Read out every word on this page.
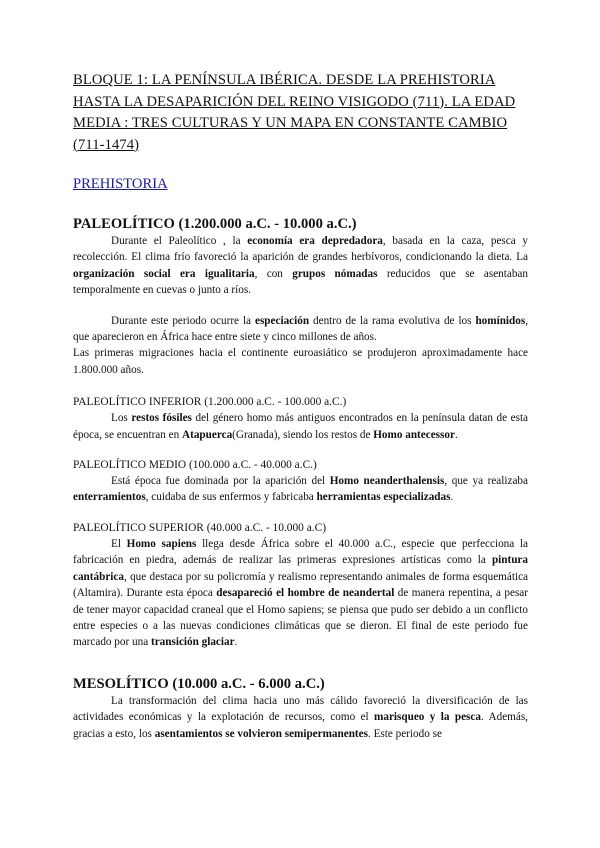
BLOQUE 1: LA PENÍNSULA IBÉRICA. DESDE LA PREHISTORIA HASTA LA DESAPARICIÓN DEL REINO VISIGODO (711). LA EDAD MEDIA : TRES CULTURAS Y UN MAPA EN CONSTANTE CAMBIO (711-1474)
PREHISTORIA
PALEOLÍTICO (1.200.000 a.C. - 10.000 a.C.)

Durante el Paleolítico , la economía era depredadora, basada en la caza, pesca y recolección. El clima frío favoreció la aparición de grandes herbívoros, condicionando la dieta. La organización social era igualitaria, con grupos nómadas reducidos que se asentaban temporalmente en cuevas o junto a ríos.

Durante este periodo ocurre la especiación dentro de la rama evolutiva de los homínidos, que aparecieron en África hace entre siete y cinco millones de años.

Las primeras migraciones hacia el continente euroasiático se produjeron aproximadamente hace 1.800.000 años.

PALEOLÍTICO INFERIOR (1.200.000 a.C. - 100.000 a.C.)

Los restos fósiles del género homo más antiguos encontrados en la península datan de esta época, se encuentran en Atapuerca(Granada), siendo los restos de Homo antecessor.

PALEOLÍTICO MEDIO (100.000 a.C. - 40.000 a.C.)

Está época fue dominada por la aparición del Homo neanderthalensis, que ya realizaba enterramientos, cuidaba de sus enfermos y fabricaba herramientas especializadas.

PALEOLÍTICO SUPERIOR (40.000 a.C. - 10.000 a.C)

El Homo sapiens llega desde África sobre el 40.000 a.C., especie que perfecciona la fabricación en piedra, además de realizar las primeras expresiones artísticas como la pintura cantábrica, que destaca por su policromía y realismo representando animales de forma esquemática (Altamira). Durante esta época desapareció el hombre de neandertal de manera repentina, a pesar de tener mayor capacidad craneal que el Homo sapiens; se piensa que pudo ser debido a un conflicto entre especies o a las nuevas condiciones climáticas que se dieron. El final de este periodo fue marcado por una transición glaciar.

MESOLÍTICO (10.000 a.C. - 6.000 a.C.)

La transformación del clima hacia uno más cálido favoreció la diversificación de las actividades económicas y la explotación de recursos, como el marisqueo y la pesca. Además, gracias a esto, los asentamientos se volvieron semipermanentes. Este periodo se
